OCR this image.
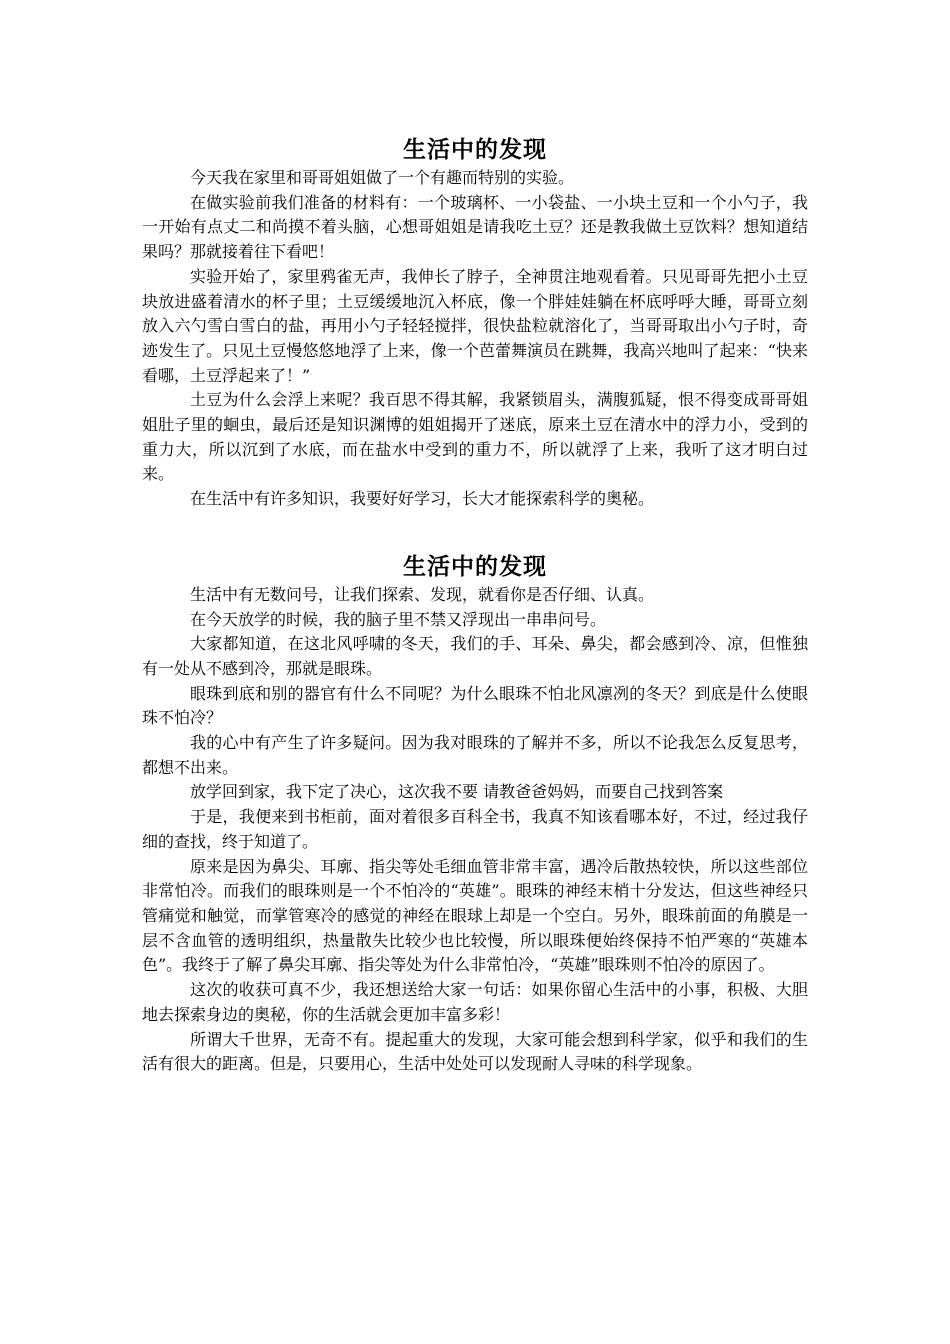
生活中的发现

今天我在家里和哥哥姐姐做了一个有趣而特别的实验。

在做实验前我们准备的材料有：一个玻璃杯、一小袋盐、一小块土豆和一个小勺子，我一开始有点丈二和尚摸不着头脑，心想哥姐姐是请我吃土豆？还是教我做土豆饮料？想知道结果吗？那就接着往下看吧！

实验开始了，家里鸦雀无声，我伸长了脖子，全神贯注地观看着。只见哥哥先把小土豆块放进盛着清水的杯子里；土豆缓缓地沉入杯底，像一个胖娃娃躺在杯底呼呼大睡，哥哥立刻放入六勺雪白雪白的盐，再用小勺子轻轻搅拌，很快盐粒就溶化了，当哥哥取出小勺子时，奇迹发生了。只见土豆慢悠悠地浮了上来，像一个芭蕾舞演员在跳舞，我高兴地叫了起来：“快来看哪，土豆浮起来了！”

土豆为什么会浮上来呢？我百思不得其解，我紧锁眉头，满腹狐疑，恨不得变成哥哥姐姐肚子里的蛔虫，最后还是知识渊博的姐姐揭开了迷底，原来土豆在清水中的浮力小，受到的重力大，所以沉到了水底，而在盐水中受到的重力不，所以就浮了上来，我听了这才明白过来。

在生活中有许多知识，我要好好学习，长大才能探索科学的奥秘。

生活中的发现

生活中有无数问号，让我们探索、发现，就看你是否仔细、认真。

在今天放学的时候，我的脑子里不禁又浮现出一串串问号。

大家都知道，在这北风呼啸的冬天，我们的手、耳朵、鼻尖，都会感到冷、凉，但惟独有一处从不感到冷，那就是眼珠。

眼珠到底和别的器官有什么不同呢？为什么眼珠不怕北风凛冽的冬天？到底是什么使眼珠不怕冷？

我的心中有产生了许多疑问。因为我对眼珠的了解并不多，所以不论我怎么反复思考，都想不出来。

放学回到家，我下定了决心，这次我不要 请教爸爸妈妈，而要自己找到答案

于是，我便来到书柜前，面对着很多百科全书，我真不知该看哪本好，不过，经过我仔细的查找，终于知道了。

原来是因为鼻尖、耳廓、指尖等处毛细血管非常丰富，遇冷后散热较快，所以这些部位非常怕冷。而我们的眼珠则是一个不怕冷的“英雄”。眼珠的神经末梢十分发达，但这些神经只管痛觉和触觉，而掌管寒冷的感觉的神经在眼球上却是一个空白。另外，眼珠前面的角膜是一层不含血管的透明组织，热量散失比较少也比较慢，所以眼珠便始终保持不怕严寒的“英雄本色”。我终于了解了鼻尖耳廓、指尖等处为什么非常怕冷，“英雄”眼珠则不怕冷的原因了。

这次的收获可真不少，我还想送给大家一句话：如果你留心生活中的小事，积极、大胆地去探索身边的奥秘，你的生活就会更加丰富多彩！

所谓大千世界，无奇不有。提起重大的发现，大家可能会想到科学家，似乎和我们的生活有很大的距离。但是，只要用心，生活中处处可以发现耐人寻味的科学现象。
